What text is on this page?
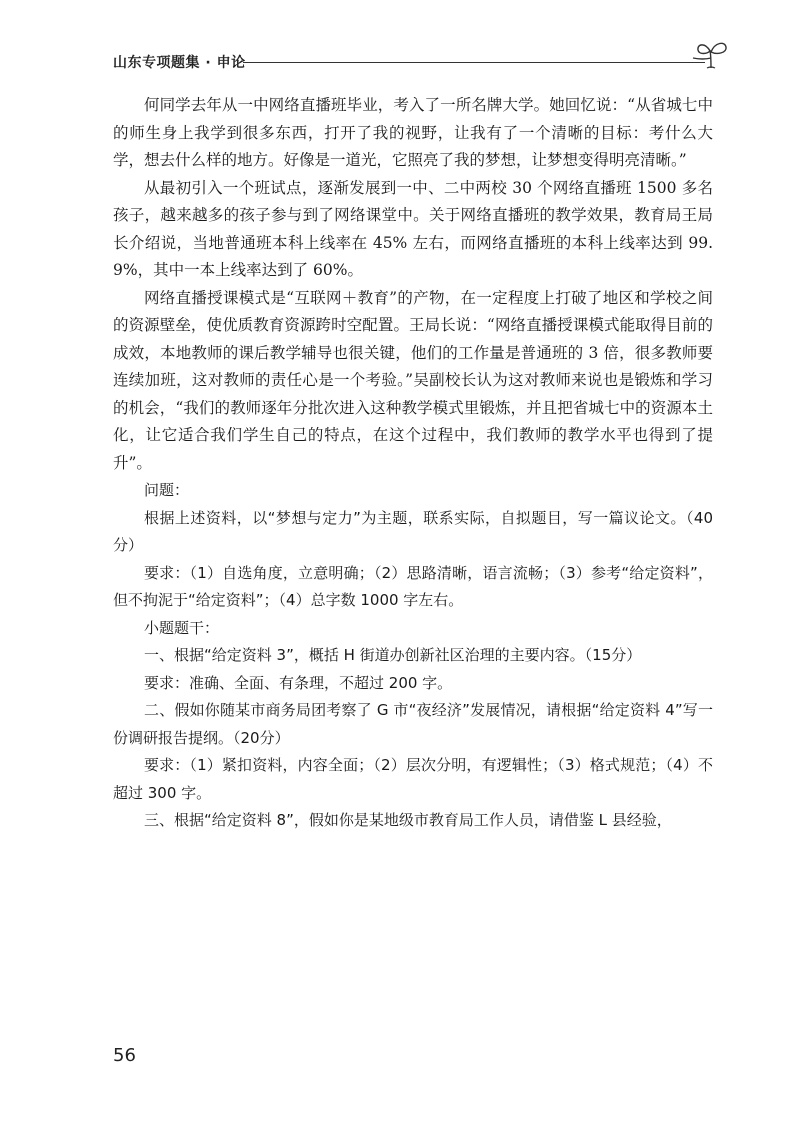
山东专项题集 · 申论

何同学去年从一中网络直播班毕业，考入了一所名牌大学。她回忆说：“从省城七中的师生身上我学到很多东西，打开了我的视野，让我有了一个清晰的目标：考什么大学，想去什么样的地方。好像是一道光，它照亮了我的梦想，让梦想变得明亮清晰。”

从最初引入一个班试点，逐渐发展到一中、二中两校 30 个网络直播班 1500 多名孩子，越来越多的孩子参与到了网络课堂中。关于网络直播班的教学效果，教育局王局长介绍说，当地普通班本科上线率在 45% 左右，而网络直播班的本科上线率达到 99.9%，其中一本上线率达到了 60%。

网络直播授课模式是“互联网＋教育”的产物，在一定程度上打破了地区和学校之间的资源壁垒，使优质教育资源跨时空配置。王局长说：“网络直播授课模式能取得目前的成效，本地教师的课后教学辅导也很关键，他们的工作量是普通班的 3 倍，很多教师要连续加班，这对教师的责任心是一个考验。”吴副校长认为这对教师来说也是锻炼和学习的机会，“我们的教师逐年分批次进入这种教学模式里锻炼，并且把省城七中的资源本土化，让它适合我们学生自己的特点，在这个过程中，我们教师的教学水平也得到了提升”。

问题：

根据上述资料，以“梦想与定力”为主题，联系实际，自拟题目，写一篇议论文。（40分）

要求：（1）自选角度，立意明确；（2）思路清晰，语言流畅；（3）参考“给定资料”，但不拘泥于“给定资料”；（4）总字数 1000 字左右。

小题题干：

一、根据“给定资料 3”，概括 H 街道办创新社区治理的主要内容。（15分）

要求：准确、全面、有条理，不超过 200 字。

二、假如你随某市商务局团考察了 G 市“夜经济”发展情况，请根据“给定资料 4”写一份调研报告提纲。（20分）

要求：（1）紧扣资料，内容全面；（2）层次分明，有逻辑性；（3）格式规范；（4）不超过 300 字。

三、根据“给定资料 8”，假如你是某地级市教育局工作人员，请借鉴 L 县经验，

56
